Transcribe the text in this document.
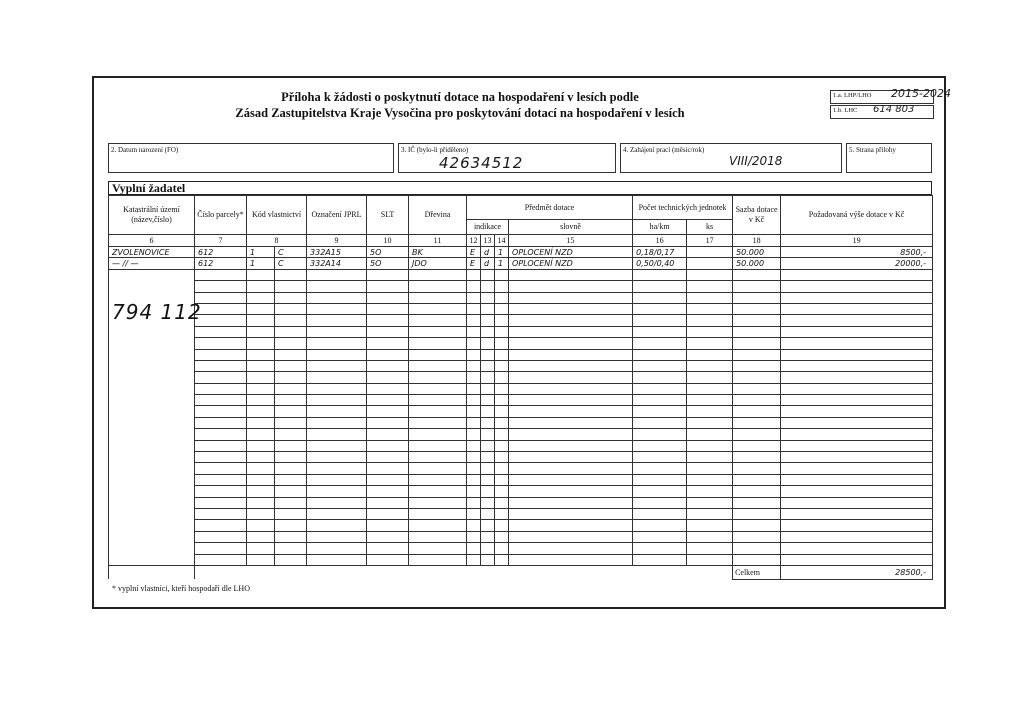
Příloha k žádosti o poskytnutí dotace na hospodaření v lesích podle
Zásad Zastupitelstva Kraje Vysočina pro poskytování dotací na hospodaření v lesích
1.a. LHP/LHO 2015-2024
1.b. LHC 614 803
2. Datum narození (FO)	3. IČ (bylo-li přiděleno)
42634512
4. Zahájení prací (měsíc/rok)
VIII/2018
5. Strana přílohy
Vyplní žadatel
Katastrální území (název,číslo)	Číslo parcely*	Kód vlastnictví		Označení JPRL	SLT	Dřevina	Předmět dotace				Počet technických jednotek		Sazba dotace v Kč	Požadovaná výše dotace v Kč
							indikace			slovně	ha/km	ks		
6	7	8		9	10	11	12	13	14	15	16	17	18	19
ZVOLENOVICE	612	1	C	332A15	5O	BK	E	d	1	OPLOCENÍ NZD	0,18/0,17		50.000	8500,-
— // —	612	1	C	332A14	5O	JDO	E	d	1	OPLOCENÍ NZD	0,50/0,40		50.000	20000,-

													Celkem	28500,-
794 112
* vyplní vlastníci, kteří hospodaří dle LHO
